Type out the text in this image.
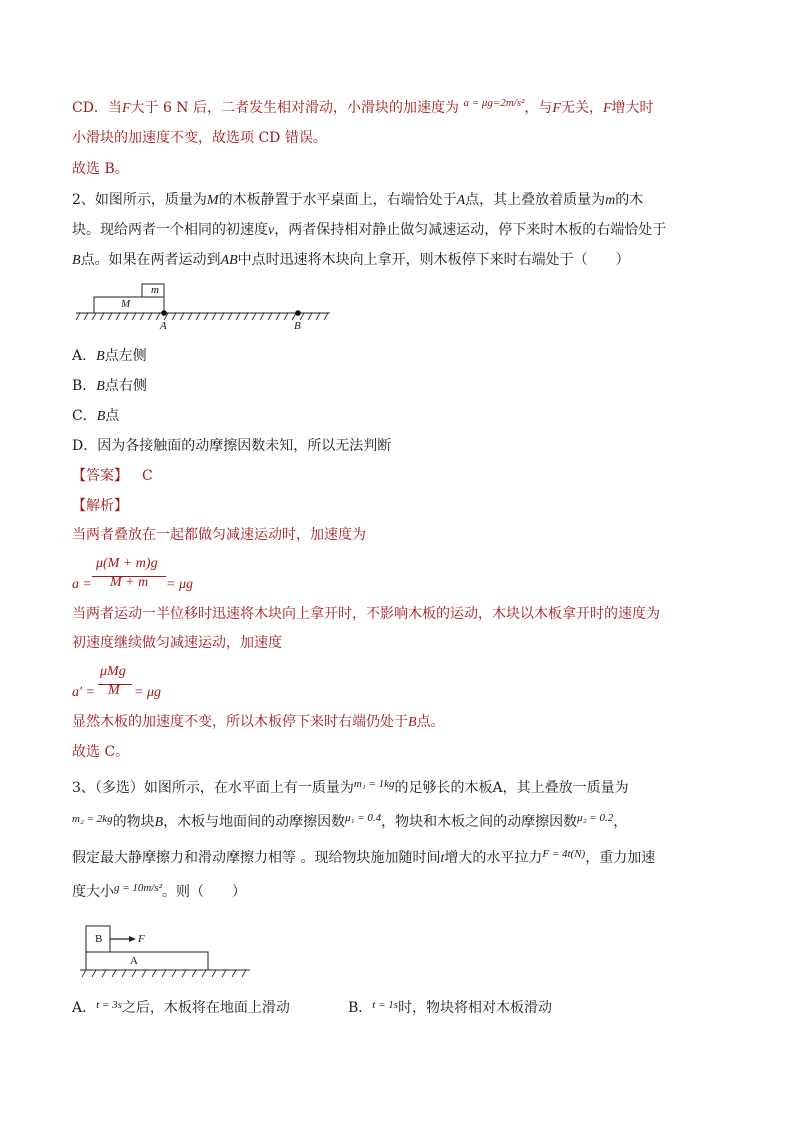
CD．当F大于 6 N 后，二者发生相对滑动，小滑块的加速度为 $^{a = \mu g=2m/s^2}$，与F无关，F增大时
小滑块的加速度不变，故选项 CD 错误。
故选 B。
2、如图所示，质量为M的木板静置于水平桌面上，右端恰处于A点，其上叠放着质量为m的木
块。现给两者一个相同的初速度v，两者保持相对静止做匀减速运动，停下来时木板的右端恰处于
B点。如果在两者运动到AB中点时迅速将木块向上拿开，则木板停下来时右端处于（　　）
M
m
A	B
A．B点左侧
B．B点右侧
C．B点
D．因为各接触面的动摩擦因数未知，所以无法判断
【答案】 C
【解析】
当两者叠放在一起都做匀减速运动时，加速度为
μ(M + m)g
a = M + m = μg
当两者运动一半位移时迅速将木块向上拿开时，不影响木板的运动，木块以木板拿开时的速度为
初速度继续做匀减速运动，加速度
μMg
a′ = M = μg
显然木板的加速度不变，所以木板停下来时右端仍处于B点。
故选 C。
3、（多选）如图所示，在水平面上有一质量为$^{m_1 = 1kg}$的足够长的木板A，其上叠放一质量为
$^{m_2 = 2kg}$的物块B，木板与地面间的动摩擦因数$^{\mu_1 = 0.4}$，物块和木板之间的动摩擦因数$^{\mu_2 = 0.2}$，
假定最大静摩擦力和滑动摩擦力相等 。现给物块施加随时间t增大的水平拉力$^{F = 4t(N)}$，重力加速
度大小$^{g = 10m/s^2}$。则（　　）
B	F
A
A．$^{t = 3s}$之后，木板将在地面上滑动	B．$^{t = 1s}$时，物块将相对木板滑动
